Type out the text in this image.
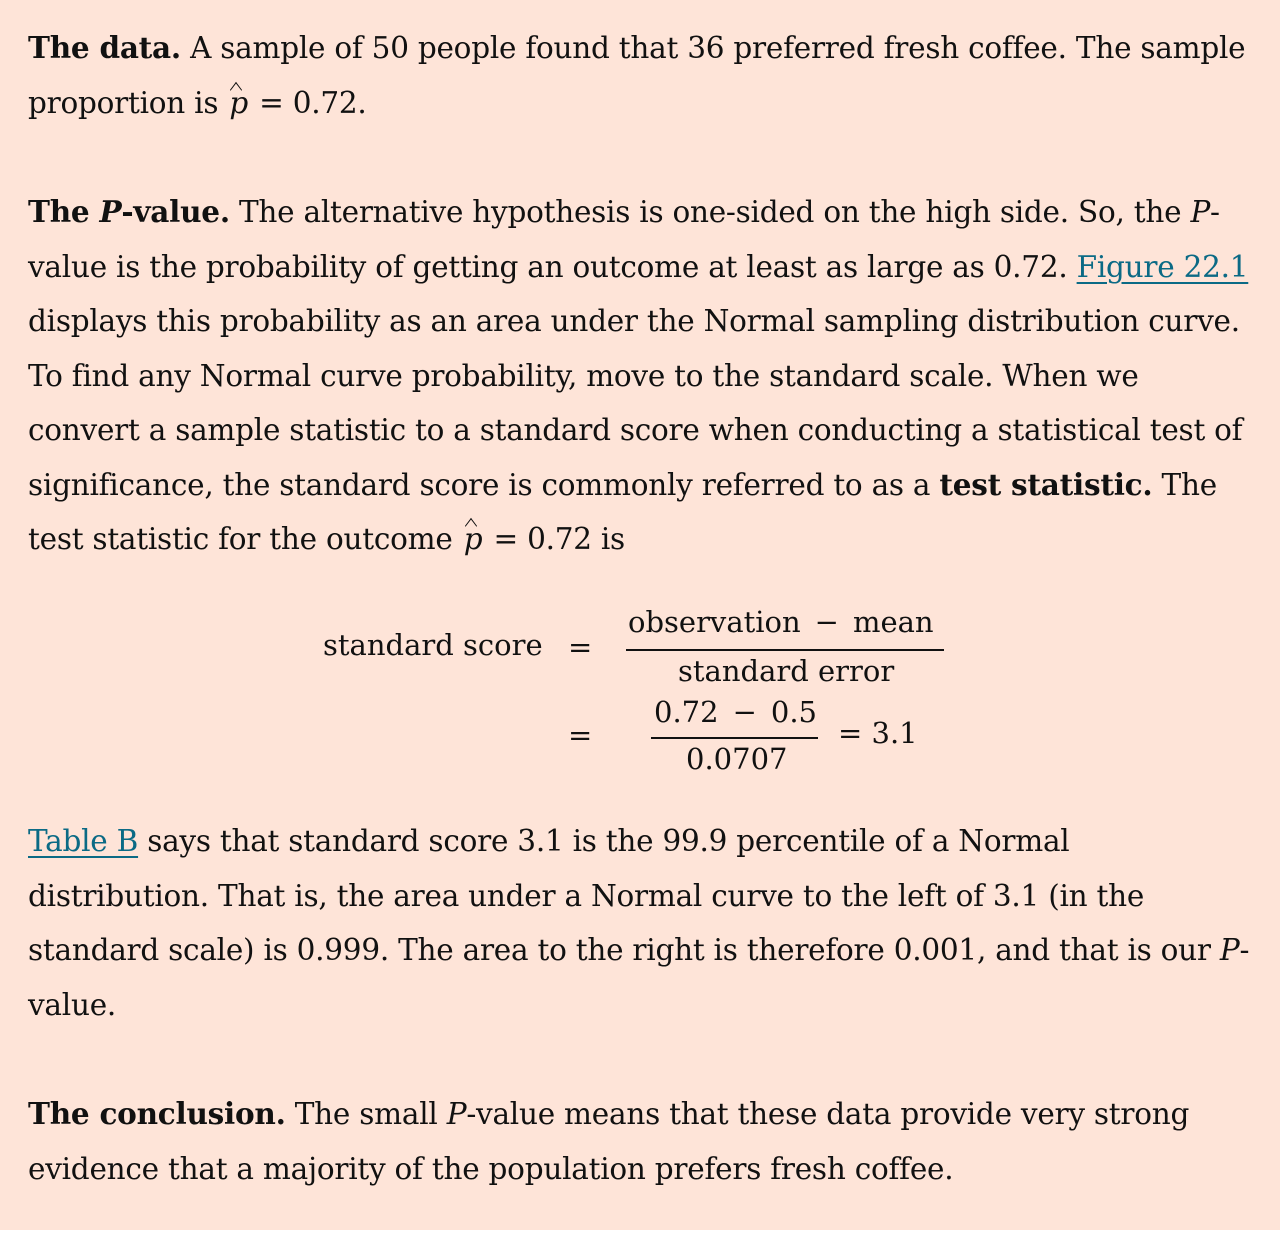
The data. A sample of 50 people found that 36 preferred fresh coffee. The sample proportion is p = 0.72.

The P-value. The alternative hypothesis is one-sided on the high side. So, the P-value is the probability of getting an outcome at least as large as 0.72. Figure 22.1 displays this probability as an area under the Normal sampling distribution curve. To find any Normal curve probability, move to the standard scale. When we convert a sample statistic to a standard score when conducting a statistical test of significance, the standard score is commonly referred to as a test statistic. The test statistic for the outcome p = 0.72 is

standard score =
observation − mean
standard error
=
0.72 − 0.5
0.0707
= 3.1

Table B says that standard score 3.1 is the 99.9 percentile of a Normal distribution. That is, the area under a Normal curve to the left of 3.1 (in the standard scale) is 0.999. The area to the right is therefore 0.001, and that is our P-value.

The conclusion. The small P-value means that these data provide very strong evidence that a majority of the population prefers fresh coffee.
